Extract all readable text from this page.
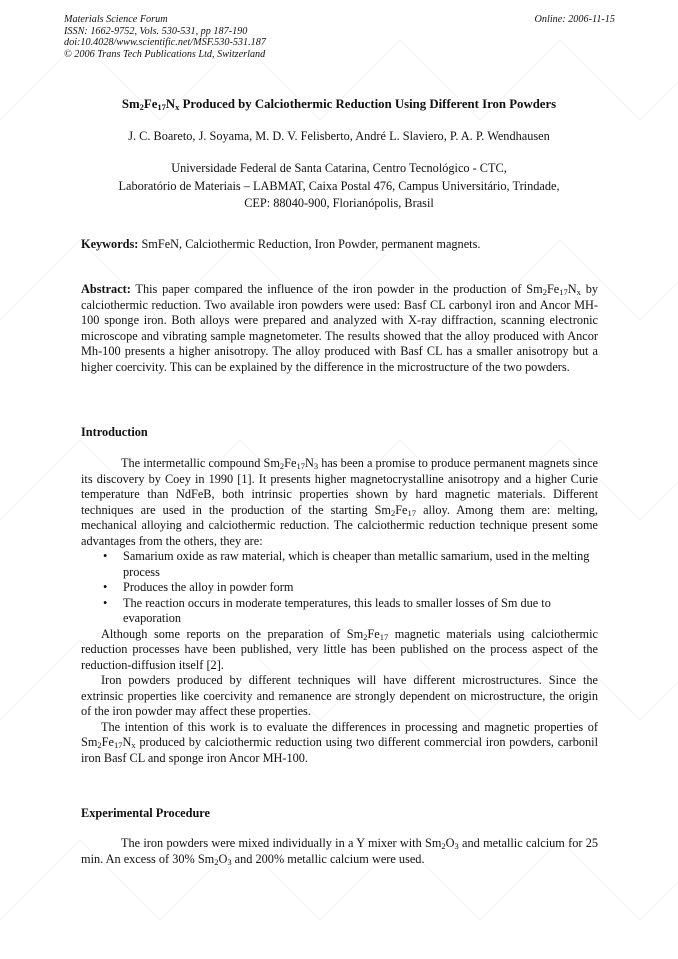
Materials Science Forum
ISSN: 1662-9752, Vols. 530-531, pp 187-190
doi:10.4028/www.scientific.net/MSF.530-531.187
© 2006 Trans Tech Publications Ltd, Switzerland
Online: 2006-11-15
$Sm_2Fe_{17}N_x$ Produced by Calciothermic Reduction Using Different Iron Powders
J. C. Boareto, J. Soyama, M. D. V. Felisberto, André L. Slaviero, P. A. P. Wendhausen
Universidade Federal de Santa Catarina, Centro Tecnológico - CTC,
Laboratório de Materiais – LABMAT, Caixa Postal 476, Campus Universitário, Trindade,
CEP: 88040-900, Florianópolis, Brasil

Keywords: SmFeN, Calciothermic Reduction, Iron Powder, permanent magnets.

Abstract: This paper compared the influence of the iron powder in the production of $Sm_2Fe_{17}N_x$ by calciothermic reduction. Two available iron powders were used: Basf CL carbonyl iron and Ancor MH-100 sponge iron. Both alloys were prepared and analyzed with X-ray diffraction, scanning electronic microscope and vibrating sample magnetometer. The results showed that the alloy produced with Ancor Mh-100 presents a higher anisotropy. The alloy produced with Basf CL has a smaller anisotropy but a higher coercivity. This can be explained by the difference in the microstructure of the two powders.

Introduction

The intermetallic compound $Sm_2Fe_{17}N_3$ has been a promise to produce permanent magnets since its discovery by Coey in 1990 [1]. It presents higher magnetocrystalline anisotropy and a higher Curie temperature than NdFeB, both intrinsic properties shown by hard magnetic materials. Different techniques are used in the production of the starting $Sm_2Fe_{17}$ alloy. Among them are: melting, mechanical alloying and calciothermic reduction. The calciothermic reduction technique present some advantages from the others, they are:

• Samarium oxide as raw material, which is cheaper than metallic samarium, used in the melting process
• Produces the alloy in powder form
• The reaction occurs in moderate temperatures, this leads to smaller losses of Sm due to evaporation

Although some reports on the preparation of $Sm_2Fe_{17}$ magnetic materials using calciothermic reduction processes have been published, very little has been published on the process aspect of the reduction-diffusion itself [2].

Iron powders produced by different techniques will have different microstructures. Since the extrinsic properties like coercivity and remanence are strongly dependent on microstructure, the origin of the iron powder may affect these properties.

The intention of this work is to evaluate the differences in processing and magnetic properties of $Sm_2Fe_{17}N_x$ produced by calciothermic reduction using two different commercial iron powders, carbonil iron Basf CL and sponge iron Ancor MH-100.

Experimental Procedure

The iron powders were mixed individually in a Y mixer with $Sm_2O_3$ and metallic calcium for 25 min. An excess of 30% $Sm_2O_3$ and 200% metallic calcium were used.
